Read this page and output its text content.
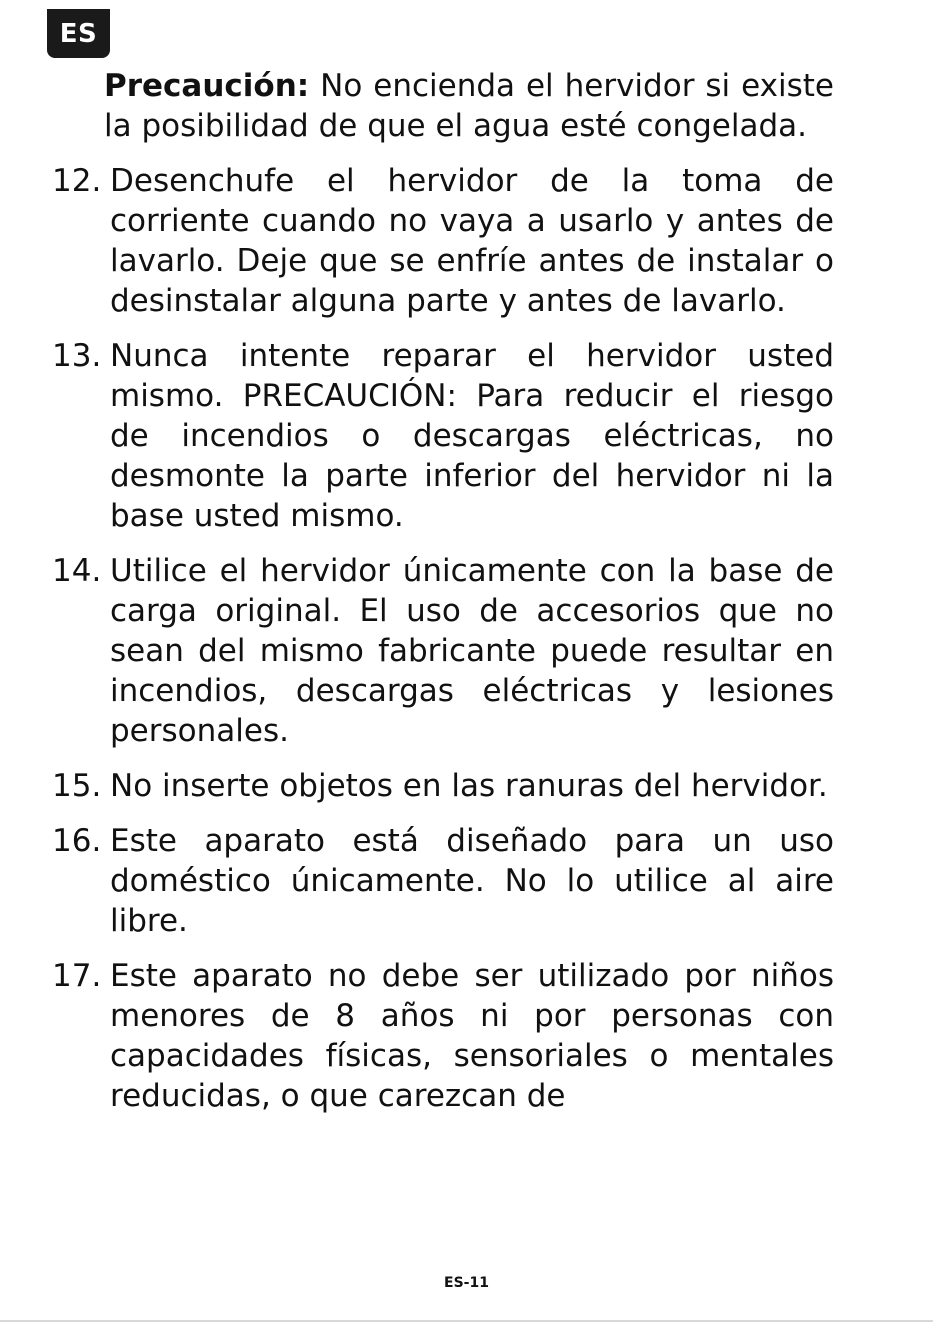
ES

Precaución: No encienda el hervidor si existe la posibilidad de que el agua esté congelada.

12. Desenchufe el hervidor de la toma de corriente cuando no vaya a usarlo y antes de lavarlo. Deje que se enfríe antes de instalar o desinstalar alguna parte y antes de lavarlo.
13. Nunca intente reparar el hervidor usted mismo. PRECAUCIÓN: Para reducir el riesgo de incendios o descargas eléctricas, no desmonte la parte inferior del hervidor ni la base usted mismo.
14. Utilice el hervidor únicamente con la base de carga original. El uso de accesorios que no sean del mismo fabricante puede resultar en incendios, descargas eléctricas y lesiones personales.
15. No inserte objetos en las ranuras del hervidor.
16. Este aparato está diseñado para un uso doméstico únicamente. No lo utilice al aire libre.
17. Este aparato no debe ser utilizado por niños menores de 8 años ni por personas con capacidades físicas, sensoriales o mentales reducidas, o que carezcan de
ES-11
